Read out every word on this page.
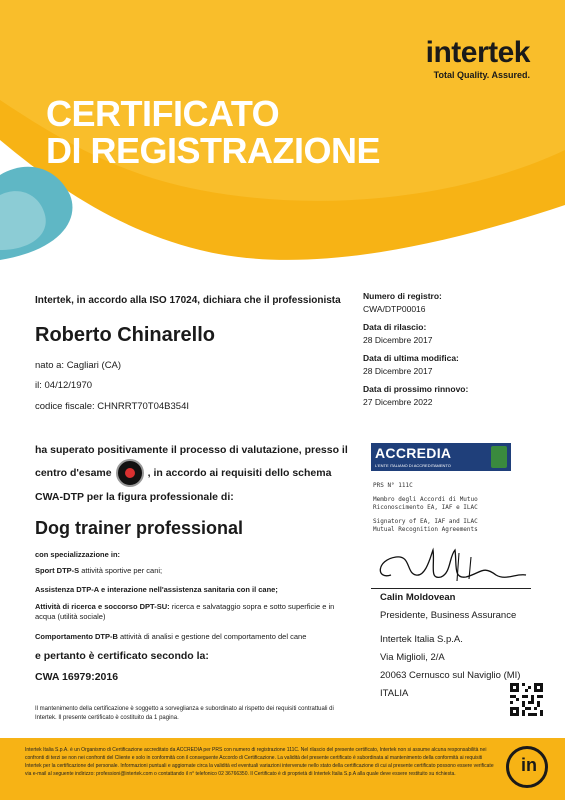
intertek
Total Quality. Assured.
CERTIFICATO
DI REGISTRAZIONE
Intertek, in accordo alla ISO 17024, dichiara che il professionista
Roberto Chinarello
nato a: Cagliari (CA)
il: 04/12/1970
codice fiscale: CHNRRT70T04B354I
ha superato positivamente il processo di valutazione, presso il
centro d'esame	, in accordo ai requisiti dello schema
CWA-DTP per la figura professionale di:
Dog trainer professional
con specializzazione in:
Sport DTP-S attività sportive per cani;
Assistenza DTP-A e interazione nell'assistenza sanitaria con il cane;
Attività di ricerca e soccorso DPT-SU: ricerca e salvataggio sopra e sotto superficie e in acqua (utilità sociale)
Comportamento DTP-B attività di analisi e gestione del comportamento del cane
e pertanto è certificato secondo la:
CWA 16979:2016
Numero di registro:
CWA/DTP00016
Data di rilascio:
28 Dicembre 2017
Data di ultima modifica:
28 Dicembre 2017
Data di prossimo rinnovo:
27 Dicembre 2022
ACCREDIA
L'ENTE ITALIANO DI ACCREDITAMENTO
PRS N° 111C
Membro degli Accordi di Mutuo
Riconoscimento EA, IAF e ILAC
Signatory of EA, IAF and ILAC
Mutual Recognition Agreements
Calin Moldovean
Presidente, Business Assurance
Intertek Italia S.p.A.
Via Miglioli, 2/A
20063 Cernusco sul Naviglio (MI)
ITALIA
Il mantenimento della certificazione è soggetto a sorveglianza e subordinato al rispetto dei requisiti contrattuali di
Intertek. Il presente certificato è costituito da 1 pagina.
Intertek Italia S.p.A. è un Organismo di Certificazione accreditato da ACCREDIA per PRS con numero di registrazione 111C. Nel rilascio del presente certificato, Intertek non si assume alcuna responsabilità nei confronti di terzi se non nei confronti del Cliente e solo in conformità con il conseguente Accordo di Certificazione. La validità del presente certificato è subordinata al mantenimento della conformità ai requisiti Intertek per la certificazione del personale. Informazioni puntuali e aggiornate circa la validità ed eventuali variazioni intervenute nello stato della certificazione di cui al presente certificato possono essere verificate via e-mail al seguente indirizzo: professioni@intertek.com o contattando il n° telefonico 02 36766350. Il Certificato è di proprietà di Intertek Italia S.p.A alla quale deve essere restituito su richiesta.	in
